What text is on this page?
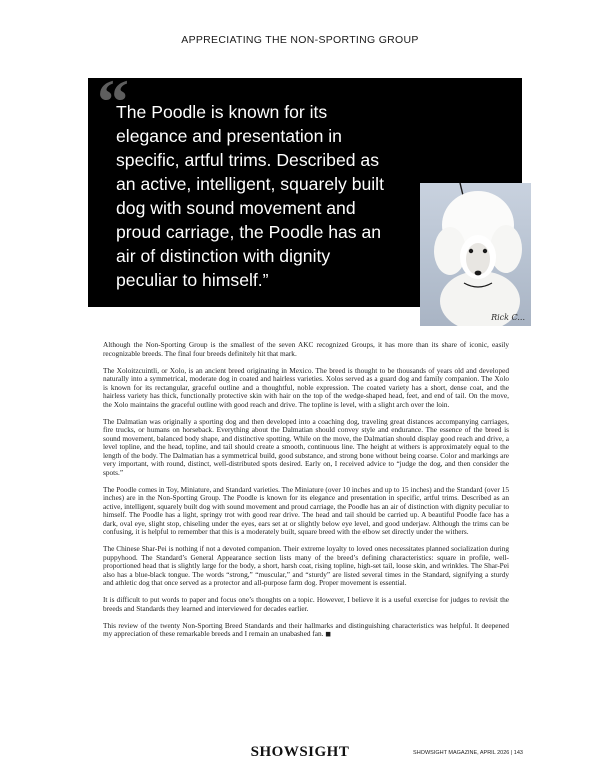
APPRECIATING THE NON-SPORTING GROUP
“

The Poodle is known for its elegance and presentation in specific, artful trims. Described as an active, intelligent, squarely built dog with sound movement and proud carriage, the Poodle has an air of distinction with dignity peculiar to himself.”

Rick C...

Although the Non-Sporting Group is the smallest of the seven AKC recognized Groups, it has more than its share of iconic, easily recognizable breeds. The final four breeds definitely hit that mark.

The Xoloitzcuintli, or Xolo, is an ancient breed originating in Mexico. The breed is thought to be thousands of years old and developed naturally into a symmetrical, moderate dog in coated and hairless varieties. Xolos served as a guard dog and family companion. The Xolo is known for its rectangular, graceful outline and a thoughtful, noble expression. The coated variety has a short, dense coat, and the hairless variety has thick, functionally protective skin with hair on the top of the wedge-shaped head, feet, and end of tail. On the move, the Xolo maintains the graceful outline with good reach and drive. The topline is level, with a slight arch over the loin.

The Dalmatian was originally a sporting dog and then developed into a coaching dog, traveling great distances accompanying carriages, fire trucks, or humans on horseback. Everything about the Dalmatian should convey style and endurance. The essence of the breed is sound movement, balanced body shape, and distinctive spotting. While on the move, the Dalmatian should display good reach and drive, a level topline, and the head, topline, and tail should create a smooth, continuous line. The height at withers is approximately equal to the length of the body. The Dalmatian has a symmetrical build, good substance, and strong bone without being coarse. Color and markings are very important, with round, distinct, well-distributed spots desired. Early on, I received advice to “judge the dog, and then consider the spots.”

The Poodle comes in Toy, Miniature, and Standard varieties. The Miniature (over 10 inches and up to 15 inches) and the Standard (over 15 inches) are in the Non-Sporting Group. The Poodle is known for its elegance and presentation in specific, artful trims. Described as an active, intelligent, squarely built dog with sound movement and proud carriage, the Poodle has an air of distinction with dignity peculiar to himself. The Poodle has a light, springy trot with good rear drive. The head and tail should be carried up. A beautiful Poodle face has a dark, oval eye, slight stop, chiseling under the eyes, ears set at or slightly below eye level, and good underjaw. Although the trims can be confusing, it is helpful to remember that this is a moderately built, square breed with the elbow set directly under the withers.

The Chinese Shar-Pei is nothing if not a devoted companion. Their extreme loyalty to loved ones necessitates planned socialization during puppyhood. The Standard’s General Appearance section lists many of the breed’s defining characteristics: square in profile, well-proportioned head that is slightly large for the body, a short, harsh coat, rising topline, high-set tail, loose skin, and wrinkles. The Shar-Pei also has a blue-black tongue. The words “strong,” “muscular,” and “sturdy” are listed several times in the Standard, signifying a sturdy and athletic dog that once served as a protector and all-purpose farm dog. Proper movement is essential.

It is difficult to put words to paper and focus one’s thoughts on a topic. However, I believe it is a useful exercise for judges to revisit the breeds and Standards they learned and interviewed for decades earlier.

This review of the twenty Non-Sporting Breed Standards and their hallmarks and distinguishing characteristics was helpful. It deepened my appreciation of these remarkable breeds and I remain an unabashed fan. ◼

SHOWSIGHT	SHOWSIGHT MAGAZINE, APRIL 2026 | 143
